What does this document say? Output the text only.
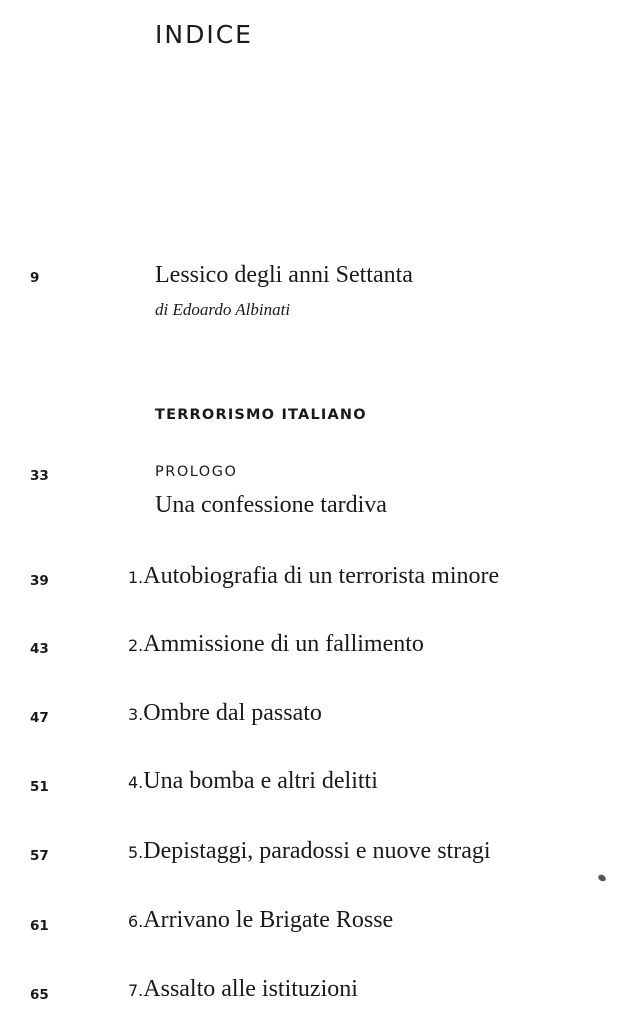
INDICE
9	Lessico degli anni Settanta
di Edoardo Albinati
TERRORISMO ITALIANO
33	PROLOGO
Una confessione tardiva
39	1.Autobiografia di un terrorista minore
43	2.Ammissione di un fallimento
47	3.Ombre dal passato
51	4.Una bomba e altri delitti
57	5.Depistaggi, paradossi e nuove stragi
61	6.Arrivano le Brigate Rosse
65	7.Assalto alle istituzioni
